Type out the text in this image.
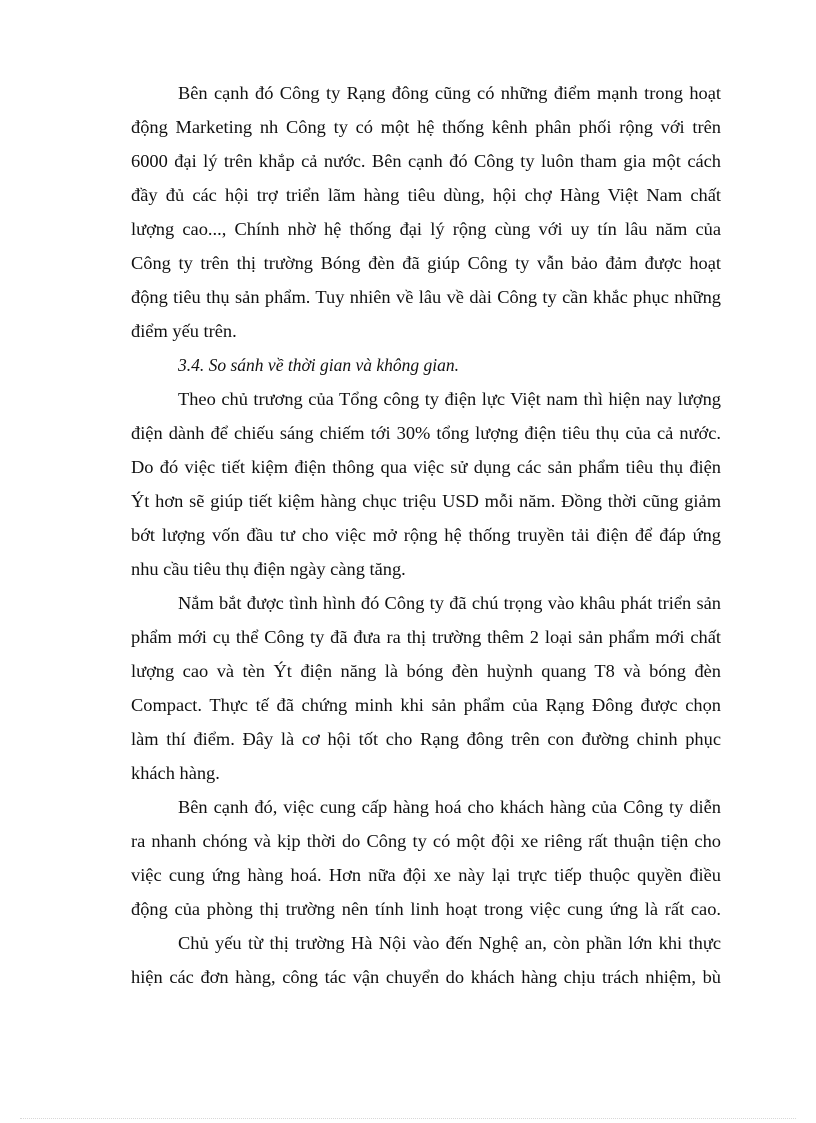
Bên cạnh đó Công ty Rạng đông cũng có những điểm mạnh trong hoạt

động Marketing nh Công ty có một hệ thống kênh phân phối rộng với trên

6000 đại lý trên khắp cả nước. Bên cạnh đó Công ty luôn tham gia một cách

đầy đủ các hội trợ triển lãm hàng tiêu dùng, hội chợ Hàng Việt Nam chất

lượng cao..., Chính nhờ hệ thống đại lý rộng cùng với uy tín lâu năm của

Công ty trên thị trường Bóng đèn đã giúp Công ty vẫn bảo đảm được hoạt

động tiêu thụ sản phẩm. Tuy nhiên về lâu về dài Công ty cần khắc phục những

điểm yếu trên.

3.4. So sánh về thời gian và không gian.

Theo chủ trương của Tổng công ty điện lực Việt nam thì hiện nay lượng

điện dành để chiếu sáng chiếm tới 30% tổng lượng điện tiêu thụ của cả nước.

Do đó việc tiết kiệm điện thông qua việc sử dụng các sản phẩm tiêu thụ điện

Ýt hơn sẽ giúp tiết kiệm hàng chục triệu USD mỗi năm. Đồng thời cũng giảm

bớt lượng vốn đầu tư cho việc mở rộng hệ thống truyền tải điện để đáp ứng

nhu cầu tiêu thụ điện ngày càng tăng.

Nắm bắt được tình hình đó Công ty đã chú trọng vào khâu phát triển sản

phẩm mới cụ thể Công ty đã đưa ra thị trường thêm 2 loại sản phẩm mới chất

lượng cao và tèn Ýt điện năng là bóng đèn huỳnh quang T8 và bóng đèn

Compact. Thực tế đã chứng minh khi sản phẩm của Rạng Đông được chọn

làm thí điểm. Đây là cơ hội tốt cho Rạng đông trên con đường chinh phục

khách hàng.

Bên cạnh đó, việc cung cấp hàng hoá cho khách hàng của Công ty diễn

ra nhanh chóng và kịp thời do Công ty có một đội xe riêng rất thuận tiện cho

việc cung ứng hàng hoá. Hơn nữa đội xe này lại trực tiếp thuộc quyền điều

động của phòng thị trường nên tính linh hoạt trong việc cung ứng là rất cao.

Chủ yếu từ thị trường Hà Nội vào đến Nghệ an, còn phần lớn khi thực

hiện các đơn hàng, công tác vận chuyển do khách hàng chịu trách nhiệm, bù
